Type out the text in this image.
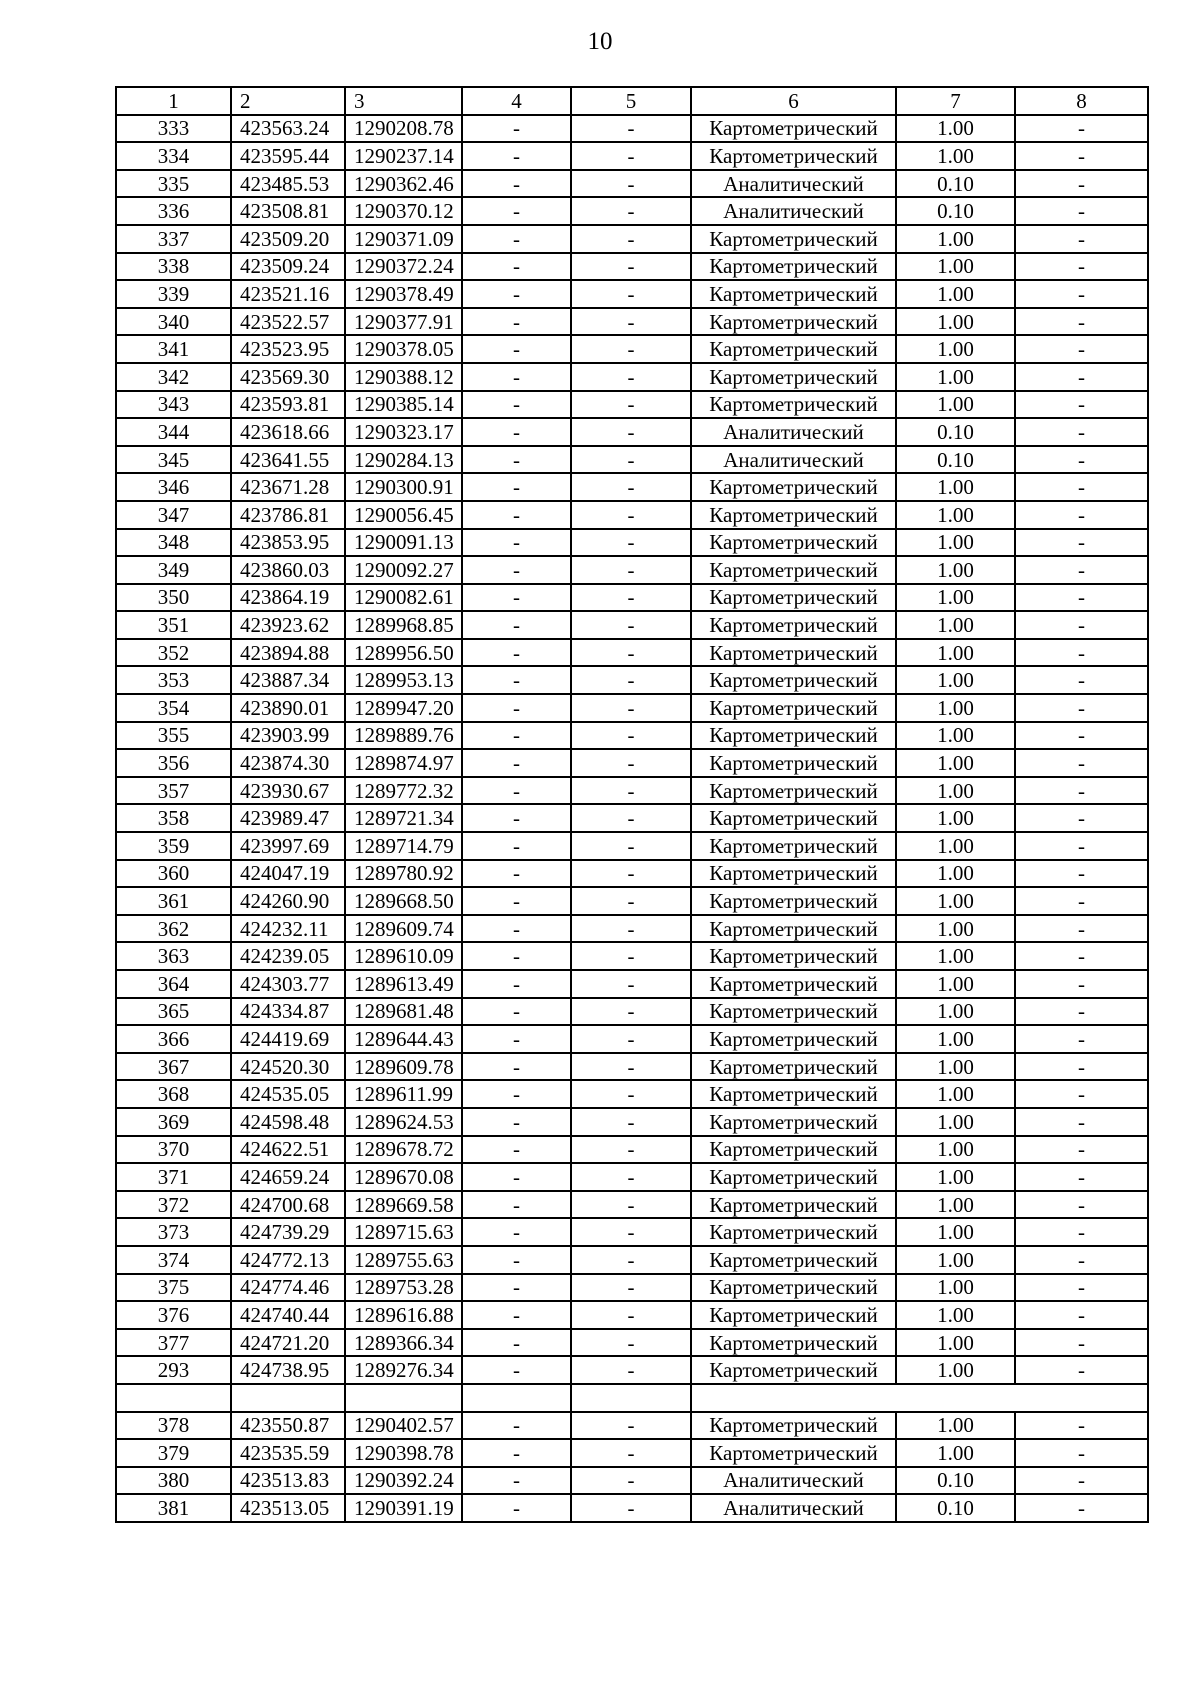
10
1	2	3	4	5	6	7	8
333	423563.24	1290208.78	-	-	Картометрический	1.00	-
334	423595.44	1290237.14	-	-	Картометрический	1.00	-
335	423485.53	1290362.46	-	-	Аналитический	0.10	-
336	423508.81	1290370.12	-	-	Аналитический	0.10	-
337	423509.20	1290371.09	-	-	Картометрический	1.00	-
338	423509.24	1290372.24	-	-	Картометрический	1.00	-
339	423521.16	1290378.49	-	-	Картометрический	1.00	-
340	423522.57	1290377.91	-	-	Картометрический	1.00	-
341	423523.95	1290378.05	-	-	Картометрический	1.00	-
342	423569.30	1290388.12	-	-	Картометрический	1.00	-
343	423593.81	1290385.14	-	-	Картометрический	1.00	-
344	423618.66	1290323.17	-	-	Аналитический	0.10	-
345	423641.55	1290284.13	-	-	Аналитический	0.10	-
346	423671.28	1290300.91	-	-	Картометрический	1.00	-
347	423786.81	1290056.45	-	-	Картометрический	1.00	-
348	423853.95	1290091.13	-	-	Картометрический	1.00	-
349	423860.03	1290092.27	-	-	Картометрический	1.00	-
350	423864.19	1290082.61	-	-	Картометрический	1.00	-
351	423923.62	1289968.85	-	-	Картометрический	1.00	-
352	423894.88	1289956.50	-	-	Картометрический	1.00	-
353	423887.34	1289953.13	-	-	Картометрический	1.00	-
354	423890.01	1289947.20	-	-	Картометрический	1.00	-
355	423903.99	1289889.76	-	-	Картометрический	1.00	-
356	423874.30	1289874.97	-	-	Картометрический	1.00	-
357	423930.67	1289772.32	-	-	Картометрический	1.00	-
358	423989.47	1289721.34	-	-	Картометрический	1.00	-
359	423997.69	1289714.79	-	-	Картометрический	1.00	-
360	424047.19	1289780.92	-	-	Картометрический	1.00	-
361	424260.90	1289668.50	-	-	Картометрический	1.00	-
362	424232.11	1289609.74	-	-	Картометрический	1.00	-
363	424239.05	1289610.09	-	-	Картометрический	1.00	-
364	424303.77	1289613.49	-	-	Картометрический	1.00	-
365	424334.87	1289681.48	-	-	Картометрический	1.00	-
366	424419.69	1289644.43	-	-	Картометрический	1.00	-
367	424520.30	1289609.78	-	-	Картометрический	1.00	-
368	424535.05	1289611.99	-	-	Картометрический	1.00	-
369	424598.48	1289624.53	-	-	Картометрический	1.00	-
370	424622.51	1289678.72	-	-	Картометрический	1.00	-
371	424659.24	1289670.08	-	-	Картометрический	1.00	-
372	424700.68	1289669.58	-	-	Картометрический	1.00	-
373	424739.29	1289715.63	-	-	Картометрический	1.00	-
374	424772.13	1289755.63	-	-	Картометрический	1.00	-
375	424774.46	1289753.28	-	-	Картометрический	1.00	-
376	424740.44	1289616.88	-	-	Картометрический	1.00	-
377	424721.20	1289366.34	-	-	Картометрический	1.00	-
293	424738.95	1289276.34	-	-	Картометрический	1.00	-

378	423550.87	1290402.57	-	-	Картометрический	1.00	-
379	423535.59	1290398.78	-	-	Картометрический	1.00	-
380	423513.83	1290392.24	-	-	Аналитический	0.10	-
381	423513.05	1290391.19	-	-	Аналитический	0.10	-
